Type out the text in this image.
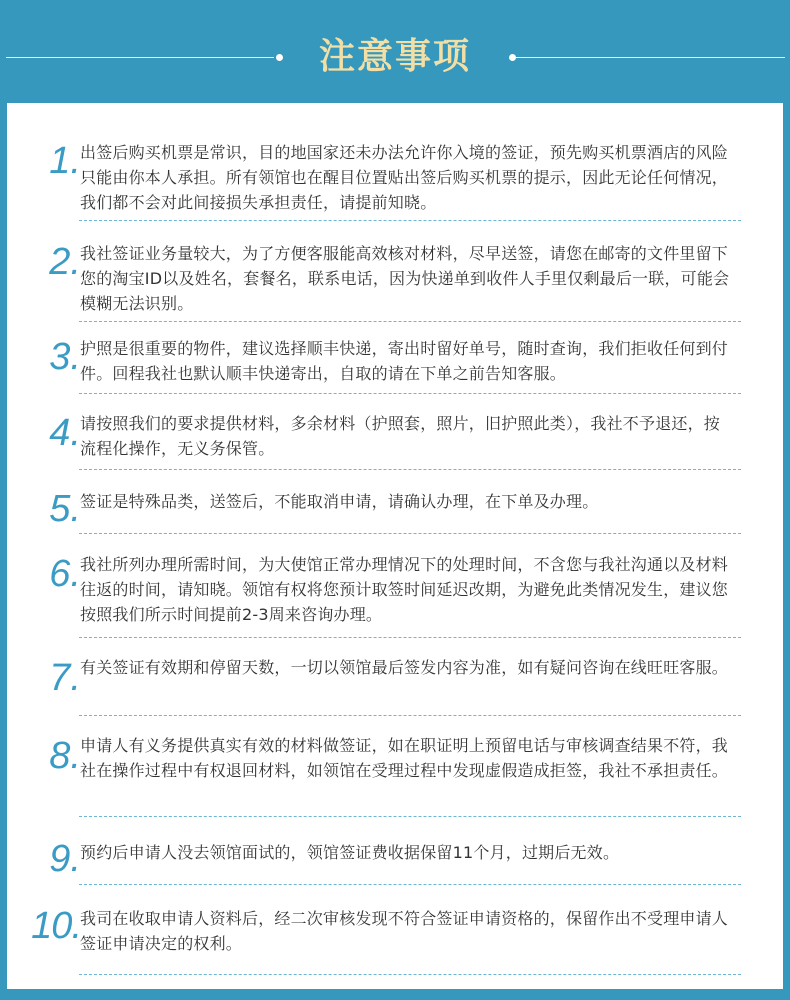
注意事项
1. 出签后购买机票是常识，目的地国家还未办法允许你入境的签证，预先购买机票酒店的风险只能由你本人承担。所有领馆也在醒目位置贴出签后购买机票的提示，因此无论任何情况，我们都不会对此间接损失承担责任，请提前知晓。
2. 我社签证业务量较大，为了方便客服能高效核对材料，尽早送签，请您在邮寄的文件里留下您的淘宝ID以及姓名，套餐名，联系电话，因为快递单到收件人手里仅剩最后一联，可能会模糊无法识别。
3. 护照是很重要的物件，建议选择顺丰快递，寄出时留好单号，随时查询，我们拒收任何到付件。回程我社也默认顺丰快递寄出，自取的请在下单之前告知客服。
4. 请按照我们的要求提供材料，多余材料（护照套，照片，旧护照此类），我社不予退还，按流程化操作，无义务保管。
5. 签证是特殊品类，送签后，不能取消申请，请确认办理，在下单及办理。
6. 我社所列办理所需时间，为大使馆正常办理情况下的处理时间，不含您与我社沟通以及材料往返的时间，请知晓。领馆有权将您预计取签时间延迟改期，为避免此类情况发生，建议您按照我们所示时间提前2-3周来咨询办理。
7. 有关签证有效期和停留天数，一切以领馆最后签发内容为准，如有疑问咨询在线旺旺客服。
8. 申请人有义务提供真实有效的材料做签证，如在职证明上预留电话与审核调查结果不符，我社在操作过程中有权退回材料，如领馆在受理过程中发现虚假造成拒签，我社不承担责任。
9. 预约后申请人没去领馆面试的，领馆签证费收据保留11个月，过期后无效。
10. 我司在收取申请人资料后，经二次审核发现不符合签证申请资格的，保留作出不受理申请人签证申请决定的权利。
